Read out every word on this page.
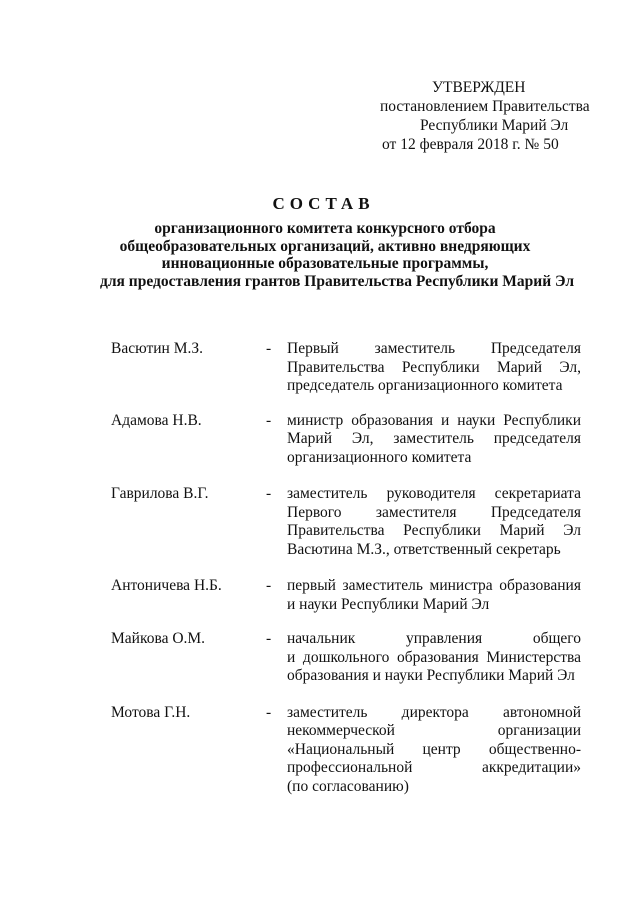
УТВЕРЖДЕН
постановлением Правительства
Республики Марий Эл
от 12 февраля 2018 г. № 50
СОСТАВ
организационного комитета конкурсного отбора
общеобразовательных организаций, активно внедряющих
инновационные образовательные программы,
для предоставления грантов Правительства Республики Марий Эл
Васютин М.З.	- Первый заместитель Председателя
Правительства Республики Марий Эл,
председатель организационного комитета
Адамова Н.В.	- министр образования и науки Республики
Марий Эл, заместитель председателя
организационного комитета
Гаврилова В.Г.	- заместитель руководителя секретариата
Первого заместителя Председателя
Правительства Республики Марий Эл
Васютина М.З., ответственный секретарь
Антоничева Н.Б.	- первый заместитель министра образования
и науки Республики Марий Эл
Майкова О.М.	- начальник управления общего
и дошкольного образования Министерства
образования и науки Республики Марий Эл
Мотова Г.Н.	- заместитель директора автономной
некоммерческой организации
«Национальный центр общественно-
профессиональной аккредитации»
(по согласованию)
